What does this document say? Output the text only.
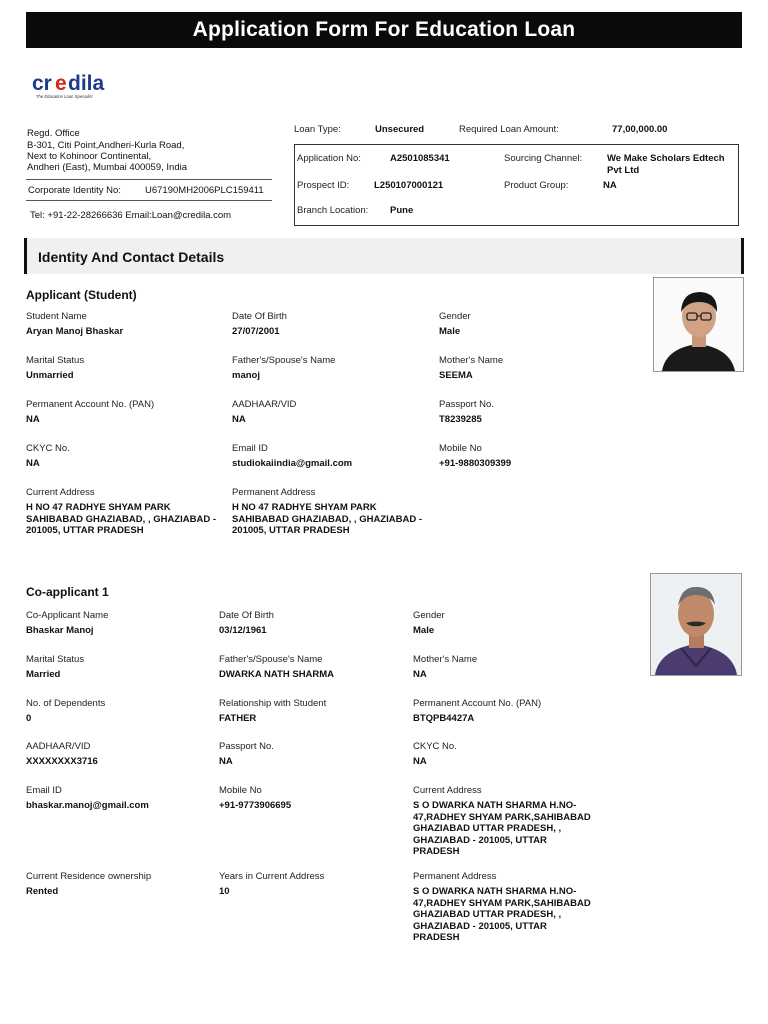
Application Form For Education Loan
cr e dila
The Education Loan Specialist
Regd. Office
B-301, Citi Point,Andheri-Kurla Road,
Next to Kohinoor Continental,
Andheri (East), Mumbai 400059, India
Corporate Identity No:	U67190MH2006PLC159411
Tel: +91-22-28266636 Email:Loan@credila.com
Loan Type:	Unsecured	Required Loan Amount:	77,00,000.00
Application No:	A2501085341	Sourcing Channel:	We Make Scholars Edtech Pvt Ltd
Prospect ID:	L250107000121	Product Group:	NA
Branch Location: Pune
Identity And Contact Details
Applicant (Student)
Student Name
Aryan Manoj Bhaskar
Date Of Birth
27/07/2001
Gender
Male
Marital Status
Unmarried
Father's/Spouse's Name
manoj
Mother's Name
SEEMA
Permanent Account No. (PAN)
NA
AADHAAR/VID
NA
Passport No.
T8239285
CKYC No.
NA
Email ID
studiokaiindia@gmail.com
Mobile No
+91-9880309399
Current Address
H NO 47 RADHYE SHYAM PARK SAHIBABAD GHAZIABAD, , GHAZIABAD - 201005, UTTAR PRADESH
Permanent Address
H NO 47 RADHYE SHYAM PARK SAHIBABAD GHAZIABAD, , GHAZIABAD - 201005, UTTAR PRADESH
Co-applicant 1
Co-Applicant Name
Bhaskar Manoj
Date Of Birth
03/12/1961
Gender
Male
Marital Status
Married
Father's/Spouse's Name
DWARKA NATH SHARMA
Mother's Name
NA
No. of Dependents
0
Relationship with Student
FATHER
Permanent Account No. (PAN)
BTQPB4427A
AADHAAR/VID
XXXXXXXX3716
Passport No.
NA
CKYC No.
NA
Email ID
bhaskar.manoj@gmail.com
Mobile No
+91-9773906695
Current Address
S O DWARKA NATH SHARMA H.NO-47,RADHEY SHYAM PARK,SAHIBABAD GHAZIABAD UTTAR PRADESH, , GHAZIABAD - 201005, UTTAR PRADESH
Current Residence ownership
Rented
Years in Current Address
10
Permanent Address
S O DWARKA NATH SHARMA H.NO-47,RADHEY SHYAM PARK,SAHIBABAD GHAZIABAD UTTAR PRADESH, , GHAZIABAD - 201005, UTTAR PRADESH
